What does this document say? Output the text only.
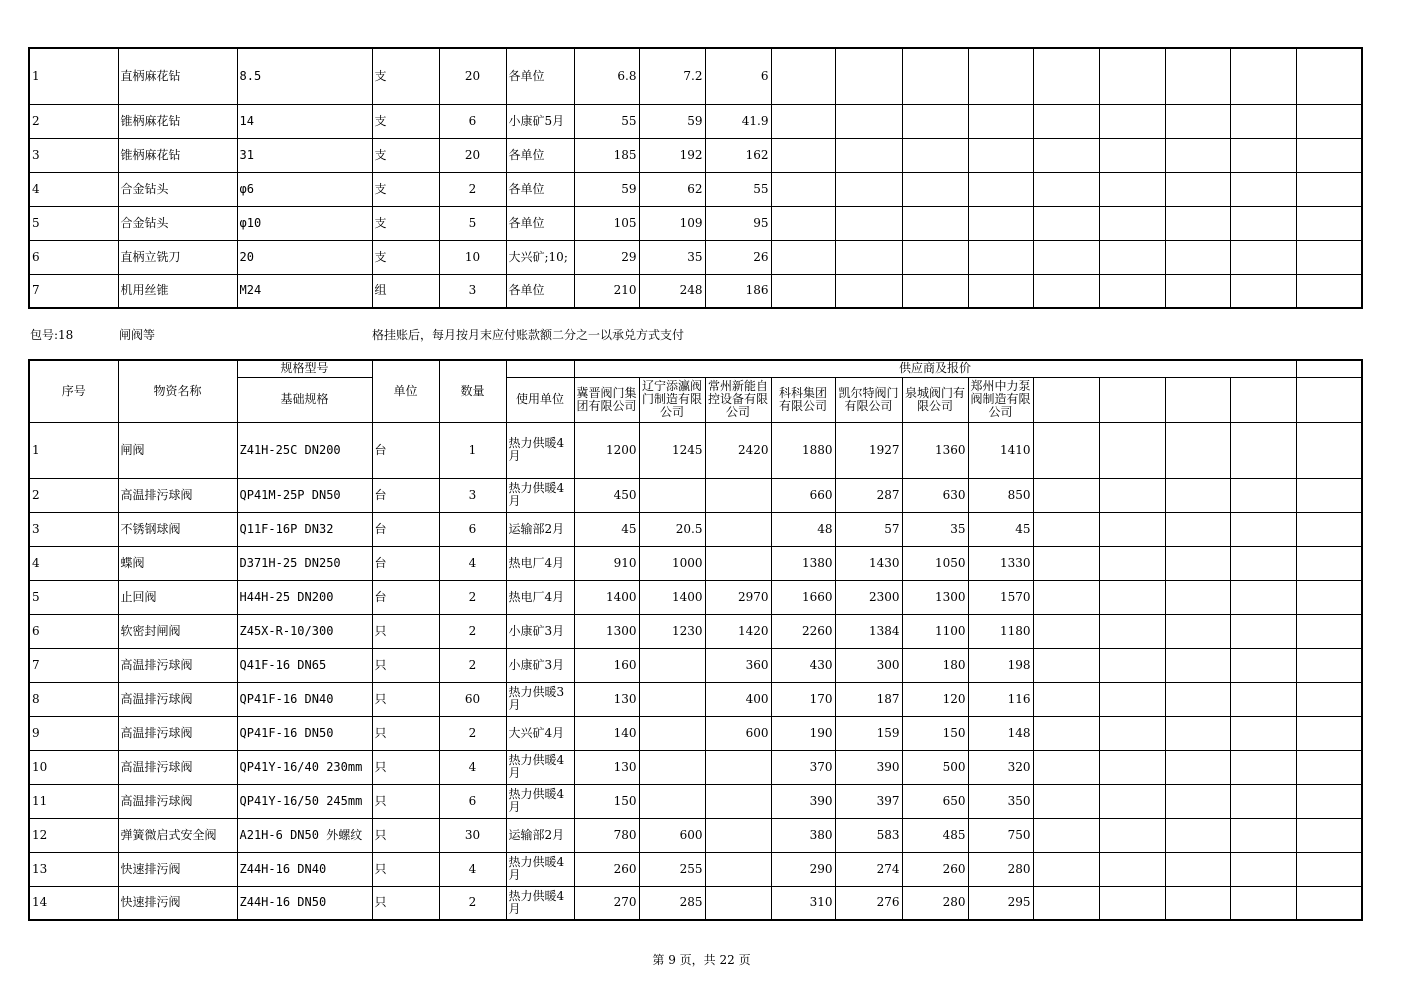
1	直柄麻花钻	8.5	支	20	各单位	6.8	7.2	6									
2	锥柄麻花钻	14	支	6	小康矿5月	55	59	41.9									
3	锥柄麻花钻	31	支	20	各单位	185	192	162									
4	合金钻头	φ6	支	2	各单位	59	62	55									
5	合金钻头	φ10	支	5	各单位	105	109	95									
6	直柄立铣刀	20	支	10	大兴矿;10;	29	35	26									
7	机用丝锥	M24	组	3	各单位	210	248	186									
包号:18	闸阀等	格挂账后，每月按月末应付账款额二分之一以承兑方式支付
序号	物资名称	规格型号	单位	数量		供应商及报价											
		基础规格			使用单位	冀晋阀门集团有限公司	辽宁添瀛阀门制造有限公司	常州新能自控设备有限公司	科科集团有限公司	凯尔特阀门有限公司	泉城阀门有限公司	郑州中力泵阀制造有限公司					
1	闸阀	Z41H-25C DN200	台	1	热力供暖4月	1200	1245	2420	1880	1927	1360	1410					
2	高温排污球阀	QP41M-25P DN50	台	3	热力供暖4月	450			660	287	630	850					
3	不锈钢球阀	Q11F-16P DN32	台	6	运输部2月	45	20.5		48	57	35	45					
4	蝶阀	D371H-25 DN250	台	4	热电厂4月	910	1000		1380	1430	1050	1330					
5	止回阀	H44H-25 DN200	台	2	热电厂4月	1400	1400	2970	1660	2300	1300	1570					
6	软密封闸阀	Z45X-R-10/300	只	2	小康矿3月	1300	1230	1420	2260	1384	1100	1180					
7	高温排污球阀	Q41F-16 DN65	只	2	小康矿3月	160		360	430	300	180	198					
8	高温排污球阀	QP41F-16 DN40	只	60	热力供暖3月	130		400	170	187	120	116					
9	高温排污球阀	QP41F-16 DN50	只	2	大兴矿4月	140		600	190	159	150	148					
10	高温排污球阀	QP41Y-16/40 230mm	只	4	热力供暖4月	130			370	390	500	320					
11	高温排污球阀	QP41Y-16/50 245mm	只	6	热力供暖4月	150			390	397	650	350					
12	弹簧微启式安全阀	A21H-6 DN50 外螺纹	只	30	运输部2月	780	600		380	583	485	750					
13	快速排污阀	Z44H-16 DN40	只	4	热力供暖4月	260	255		290	274	260	280					
14	快速排污阀	Z44H-16 DN50	只	2	热力供暖4月	270	285		310	276	280	295					
第 9 页，共 22 页
